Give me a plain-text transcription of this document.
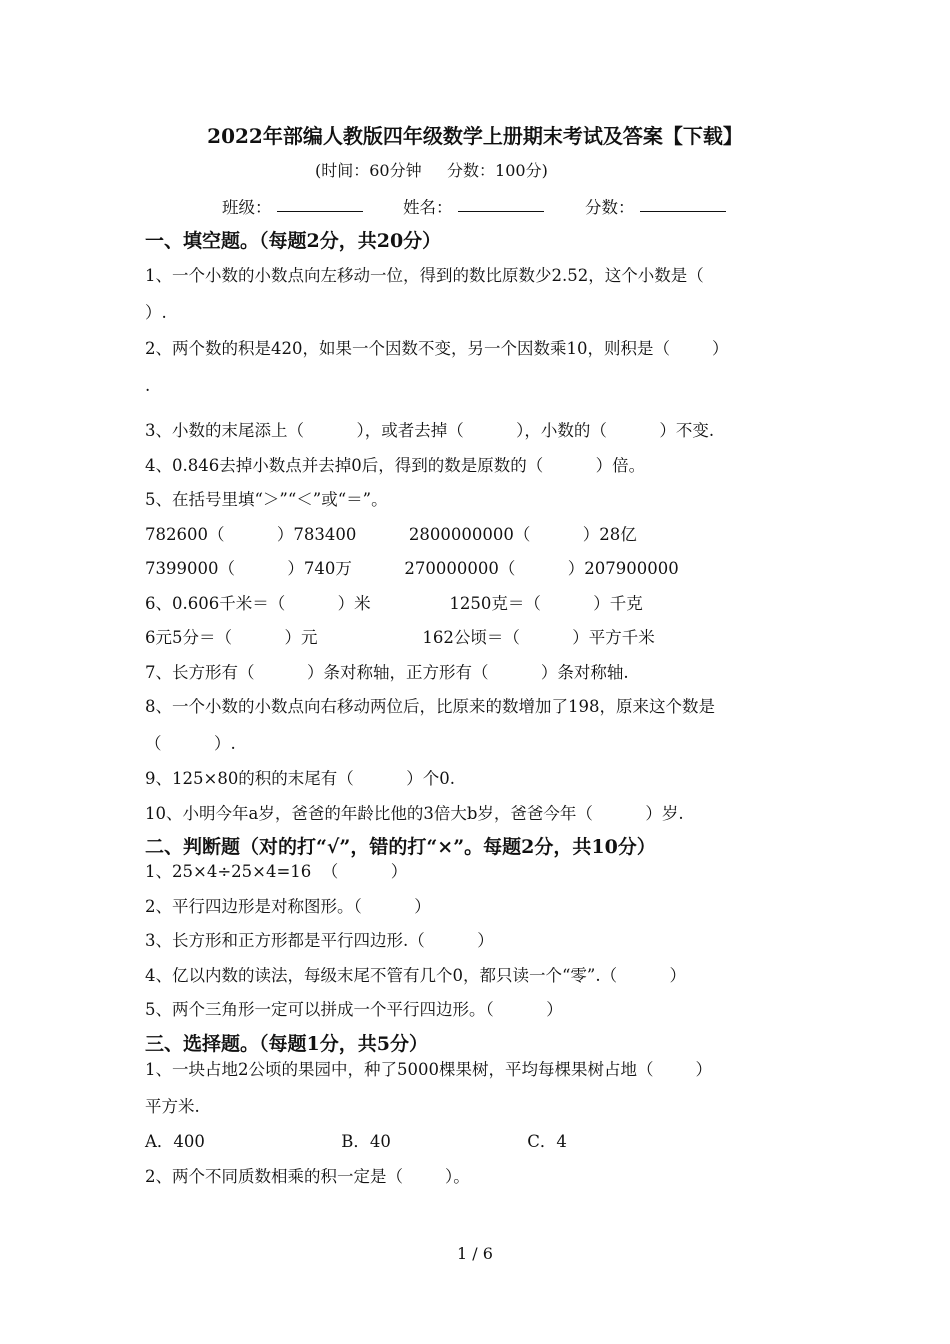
2022年部编人教版四年级数学上册期末考试及答案【下载】
(时间：60分钟     分数：100分)
班级：	姓名：	分数：
一、填空题。（每题2分，共20分）
1、一个小数的小数点向左移动一位，得到的数比原数少2.52，这个小数是（
）.
2、两个数的积是420，如果一个因数不变，另一个因数乘10，则积是（        ）
.
3、小数的末尾添上（          ），或者去掉（          ），小数的（          ）不变.
4、0.846去掉小数点并去掉0后，得到的数是原数的（          ）倍。
5、在括号里填“＞”“＜”或“＝”。
782600（          ）783400          2800000000（          ）28亿
7399000（          ）740万          270000000（          ）207900000
6、0.606千米＝（          ）米               1250克＝（          ）千克
6元5分＝（          ）元                    162公顷＝（          ）平方千米
7、长方形有（          ）条对称轴，正方形有（          ）条对称轴.
8、一个小数的小数点向右移动两位后，比原来的数增加了198，原来这个数是
（          ）.
9、125×80的积的末尾有（          ）个0.
10、小明今年a岁，爸爸的年龄比他的3倍大b岁，爸爸今年（          ）岁.
二、判断题（对的打“√”，错的打“×”。每题2分，共10分）
1、25×4÷25×4=16  （          ）
2、平行四边形是对称图形。（          ）
3、长方形和正方形都是平行四边形.（          ）
4、亿以内数的读法，每级末尾不管有几个0，都只读一个“零”.（          ）
5、两个三角形一定可以拼成一个平行四边形。（          ）
三、选择题。（每题1分，共5分）
1、一块占地2公顷的果园中，种了5000棵果树，平均每棵果树占地（        ）
平方米.
A．400                          B．40                          C．4
2、两个不同质数相乘的积一定是（        ）。
1 / 6
